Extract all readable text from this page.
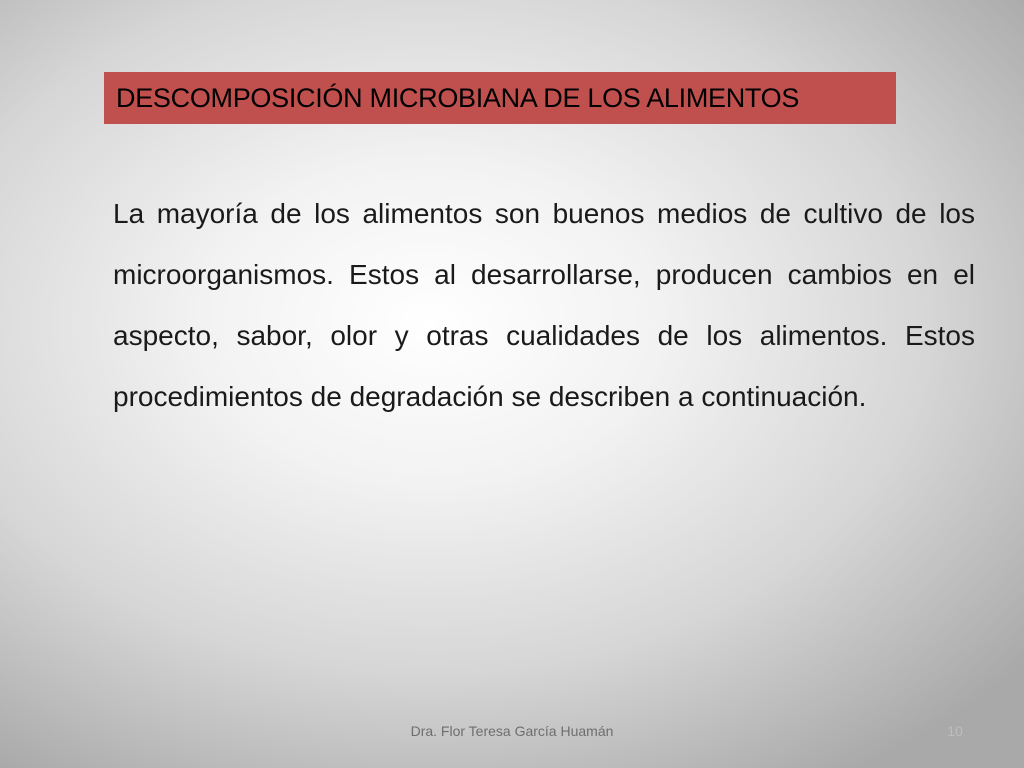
DESCOMPOSICIÓN MICROBIANA DE LOS ALIMENTOS

La mayoría de los alimentos son buenos medios de cultivo de los microorganismos. Estos al desarrollarse, producen cambios en el aspecto, sabor, olor y otras cualidades de los alimentos. Estos procedimientos de degradación se describen a continuación.

Dra. Flor Teresa García Huamán	10
